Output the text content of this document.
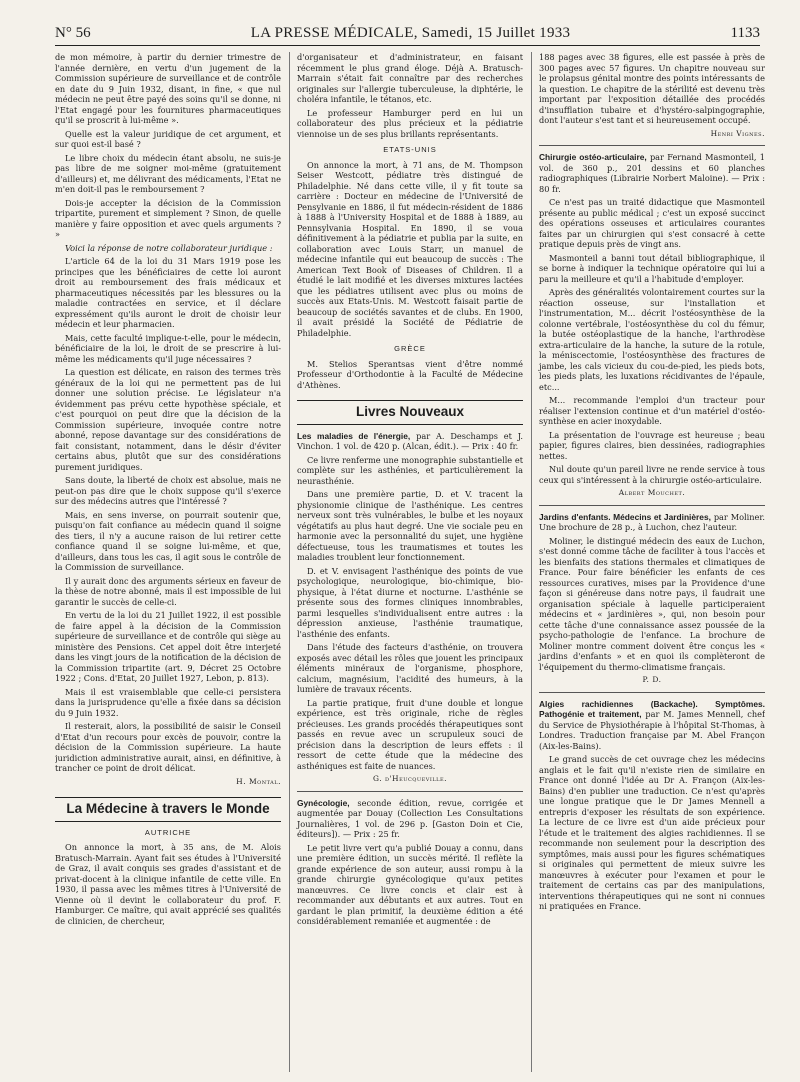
N° 56	LA PRESSE MÉDICALE, Samedi, 15 Juillet 1933	1133

de mon mémoire, à partir du dernier trimestre de l'année dernière, en vertu d'un jugement de la Commission supérieure de surveillance et de contrôle en date du 9 Juin 1932, disant, in fine, « que nul médecin ne peut être payé des soins qu'il se donne, ni l'Etat engagé pour les fournitures pharmaceutiques qu'il se proscrit à lui-même ».

Quelle est la valeur juridique de cet argument, et sur quoi est-il basé ?

Le libre choix du médecin étant absolu, ne suis-je pas libre de me soigner moi-même (gratuitement d'ailleurs) et, me délivrant des médicaments, l'Etat ne m'en doit-il pas le remboursement ?

Dois-je accepter la décision de la Commission tripartite, purement et simplement ? Sinon, de quelle manière y faire opposition et avec quels arguments ? »

Voici la réponse de notre collaborateur juridique :

L'article 64 de la loi du 31 Mars 1919 pose les principes que les bénéficiaires de cette loi auront droit au remboursement des frais médicaux et pharmaceutiques nécessités par les blessures ou la maladie contractées en service, et il déclare expressément qu'ils auront le droit de choisir leur médecin et leur pharmacien.

Mais, cette faculté implique-t-elle, pour le médecin, bénéficiaire de la loi, le droit de se prescrire à lui-même les médicaments qu'il juge nécessaires ?

La question est délicate, en raison des termes très généraux de la loi qui ne permettent pas de lui donner une solution précise. Le législateur n'a évidemment pas prévu cette hypothèse spéciale, et c'est pourquoi on peut dire que la décision de la Commission supérieure, invoquée contre notre abonné, repose davantage sur des considérations de fait consistant, notamment, dans le désir d'éviter certains abus, plutôt que sur des considérations purement juridiques.

Sans doute, la liberté de choix est absolue, mais ne peut-on pas dire que le choix suppose qu'il s'exerce sur des médecins autres que l'intéressé ?

Mais, en sens inverse, on pourrait soutenir que, puisqu'on fait confiance au médecin quand il soigne des tiers, il n'y a aucune raison de lui retirer cette confiance quand il se soigne lui-même, et que, d'ailleurs, dans tous les cas, il agit sous le contrôle de la Commission de surveillance.

Il y aurait donc des arguments sérieux en faveur de la thèse de notre abonné, mais il est impossible de lui garantir le succès de celle-ci.

En vertu de la loi du 21 Juillet 1922, il est possible de faire appel à la décision de la Commission supérieure de surveillance et de contrôle qui siège au ministère des Pensions. Cet appel doit être interjeté dans les vingt jours de la notification de la décision de la Commission tripartite (art. 9, Décret 25 Octobre 1922 ; Cons. d'Etat, 20 Juillet 1927, Lebon, p. 813).

Mais il est vraisemblable que celle-ci persistera dans la jurisprudence qu'elle a fixée dans sa décision du 9 Juin 1932.

Il resterait, alors, la possibilité de saisir le Conseil d'Etat d'un recours pour excès de pouvoir, contre la décision de la Commission supérieure. La haute juridiction administrative aurait, ainsi, en définitive, à trancher ce point de droit délicat.

H. Montal.
La Médecine à travers le Monde
AUTRICHE

On annonce la mort, à 35 ans, de M. Alois Bratusch-Marrain. Ayant fait ses études à l'Université de Graz, il avait conquis ses grades d'assistant et de privat-docent à la clinique infantile de cette ville. En 1930, il passa avec les mêmes titres à l'Université de Vienne où il devint le collaborateur du prof. F. Hamburger. Ce maître, qui avait apprécié ses qualités de clinicien, de chercheur,

d'organisateur et d'administrateur, en faisant récemment le plus grand éloge. Déjà A. Bratusch-Marrain s'était fait connaître par des recherches originales sur l'allergie tuberculeuse, la diphtérie, le choléra infantile, le tétanos, etc.

Le professeur Hamburger perd en lui un collaborateur des plus précieux et la pédiatrie viennoise un de ses plus brillants représentants.

ETATS-UNIS

On annonce la mort, à 71 ans, de M. Thompson Seiser Westcott, pédiatre très distingué de Philadelphie. Né dans cette ville, il y fit toute sa carrière : Docteur en médecine de l'Université de Pensylvanie en 1886, il fut médecin-résident de 1886 à 1888 à l'University Hospital et de 1888 à 1889, au Pennsylvania Hospital. En 1890, il se voua définitivement à la pédiatrie et publia par la suite, en collaboration avec Louis Starr, un manuel de médecine infantile qui eut beaucoup de succès : The American Text Book of Diseases of Children. Il a étudié le lait modifié et les diverses mixtures lactées que les pédiatres utilisent avec plus ou moins de succès aux Etats-Unis. M. Westcott faisait partie de beaucoup de sociétés savantes et de clubs. En 1900, il avait présidé la Société de Pédiatrie de Philadelphie.

GRÈCE

M. Stelios Sperantsas vient d'être nommé Professeur d'Orthodontie à la Faculté de Médecine d'Athènes.

Livres Nouveaux

Les maladies de l'énergie, par A. Deschamps et J. Vinchon. 1 vol. de 420 p. (Alcan, édit.). — Prix : 40 fr.

Ce livre renferme une monographie substantielle et complète sur les asthénies, et particulièrement la neurasthénie.

Dans une première partie, D. et V. tracent la physionomie clinique de l'asthénique. Les centres nerveux sont très vulnérables, le bulbe et les noyaux végétatifs au plus haut degré. Une vie sociale peu en harmonie avec la personnalité du sujet, une hygiène défectueuse, tous les traumatismes et toutes les maladies troublent leur fonctionnement.

D. et V. envisagent l'asthénique des points de vue psychologique, neurologique, bio-chimique, bio-physique, à l'état diurne et nocturne. L'asthénie se présente sous des formes cliniques innombrables, parmi lesquelles s'individualisent entre autres : la dépression anxieuse, l'asthénie traumatique, l'asthénie des enfants.

Dans l'étude des facteurs d'asthénie, on trouvera exposés avec détail les rôles que jouent les principaux éléments minéraux de l'organisme, phosphore, calcium, magnésium, l'acidité des humeurs, à la lumière de travaux récents.

La partie pratique, fruit d'une double et longue expérience, est très originale, riche de règles précieuses. Les grands procédés thérapeutiques sont passés en revue avec un scrupuleux souci de précision dans la description de leurs effets : il ressort de cette étude que la médecine des asthéniques est faite de nuances.

G. d'Heucqueville.

Gynécologie, seconde édition, revue, corrigée et augmentée par Douay (Collection Les Consultations Journalières, 1 vol. de 296 p. [Gaston Doin et Cie, éditeurs]). — Prix : 25 fr.

Le petit livre vert qu'a publié Douay a connu, dans une première édition, un succès mérité. Il reflète la grande expérience de son auteur, aussi rompu à la grande chirurgie gynécologique qu'aux petites manœuvres. Ce livre concis et clair est à recommander aux débutants et aux autres. Tout en gardant le plan primitif, la deuxième édition a été considérablement remaniée et augmentée : de

188 pages avec 38 figures, elle est passée à près de 300 pages avec 57 figures. Un chapitre nouveau sur le prolapsus génital montre des points intéressants de la question. Le chapitre de la stérilité est devenu très important par l'exposition détaillée des procédés d'insufflation tubaire et d'hystéro-salpingographie, dont l'auteur s'est tant et si heureusement occupé.

Henri Vignes.

Chirurgie ostéo-articulaire, par Fernand Masmonteil, 1 vol. de 360 p., 201 dessins et 60 planches radiographiques (Librairie Norbert Maloine). — Prix : 80 fr.

Ce n'est pas un traité didactique que Masmonteil présente au public médical ; c'est un exposé succinct des opérations osseuses et articulaires courantes faites par un chirurgien qui s'est consacré à cette pratique depuis près de vingt ans.

Masmonteil a banni tout détail bibliographique, il se borne à indiquer la technique opératoire qui lui a paru la meilleure et qu'il a l'habitude d'employer.

Après des généralités volontairement courtes sur la réaction osseuse, sur l'installation et l'instrumentation, M... décrit l'ostéosynthèse de la colonne vertébrale, l'ostéosynthèse du col du fémur, la butée ostéoplastique de la hanche, l'arthrodèse extra-articulaire de la hanche, la suture de la rotule, la méniscectomie, l'ostéosynthèse des fractures de jambe, les cals vicieux du cou-de-pied, les pieds bots, les pieds plats, les luxations récidivantes de l'épaule, etc...

M... recommande l'emploi d'un tracteur pour réaliser l'extension continue et d'un matériel d'ostéo-synthèse en acier inoxydable.

La présentation de l'ouvrage est heureuse ; beau papier, figures claires, bien dessinées, radiographies nettes.

Nul doute qu'un pareil livre ne rende service à tous ceux qui s'intéressent à la chirurgie ostéo-articulaire.

Albert Mouchet.

Jardins d'enfants. Médecins et Jardinières, par Moliner. Une brochure de 28 p., à Luchon, chez l'auteur.

Moliner, le distingué médecin des eaux de Luchon, s'est donné comme tâche de faciliter à tous l'accès et les bienfaits des stations thermales et climatiques de France. Pour faire bénéficier les enfants de ces ressources curatives, mises par la Providence d'une façon si généreuse dans notre pays, il faudrait une organisation spéciale à laquelle participeraient médecins et « jardinières », qui, non besoin pour cette tâche d'une connaissance assez poussée de la psycho-pathologie de l'enfance. La brochure de Moliner montre comment doivent être conçus les « jardins d'enfants » et en quoi ils complèteront de l'équipement du thermo-climatisme français.

P. D.

Algies rachidiennes (Backache). Symptômes. Pathogénie et traitement, par M. James Mennell, chef du Service de Physiothérapie à l'hôpital St-Thomas, à Londres. Traduction française par M. Abel Françon (Aix-les-Bains).

Le grand succès de cet ouvrage chez les médecins anglais et le fait qu'il n'existe rien de similaire en France ont donné l'idée au Dr A. Françon (Aix-les-Bains) d'en publier une traduction. Ce n'est qu'après une longue pratique que le Dr James Mennell a entrepris d'exposer les résultats de son expérience. La lecture de ce livre est d'un aide précieux pour l'étude et le traitement des algies rachidiennes. Il se recommande non seulement pour la description des symptômes, mais aussi pour les figures schématiques si originales qui permettent de mieux suivre les manœuvres à exécuter pour l'examen et pour le traitement de certains cas par des manipulations, interventions thérapeutiques qui ne sont ni connues ni pratiquées en France.
